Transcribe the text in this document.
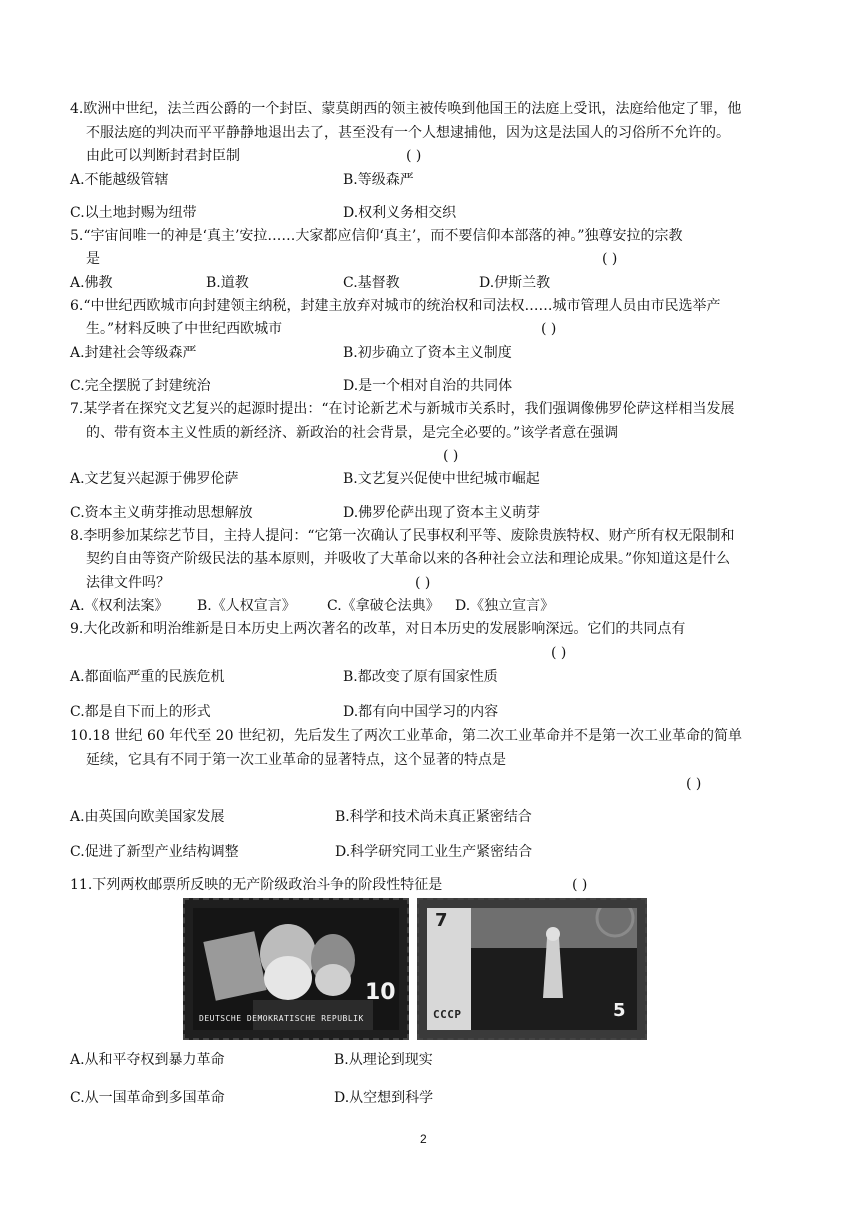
4.欧洲中世纪，法兰西公爵的一个封臣、蒙莫朗西的领主被传唤到他国王的法庭上受讯，法庭给他定了罪，他
不服法庭的判决而平平静静地退出去了，甚至没有一个人想逮捕他，因为这是法国人的习俗所不允许的。
由此可以判断封君封臣制	( )
A.不能越级管辖	B.等级森严
C.以土地封赐为纽带	D.权利义务相交织
5.“宇宙间唯一的神是‘真主’安拉……大家都应信仰‘真主’，而不要信仰本部落的神。”独尊安拉的宗教
是	( )
A.佛教	B.道教	C.基督教	D.伊斯兰教
6.“中世纪西欧城市向封建领主纳税，封建主放弃对城市的统治权和司法权……城市管理人员由市民选举产
生。”材料反映了中世纪西欧城市	( )
A.封建社会等级森严	B.初步确立了资本主义制度
C.完全摆脱了封建统治	D.是一个相对自治的共同体
7.某学者在探究文艺复兴的起源时提出：“在讨论新艺术与新城市关系时，我们强调像佛罗伦萨这样相当发展
的、带有资本主义性质的新经济、新政治的社会背景，是完全必要的。”该学者意在强调
( )
A.文艺复兴起源于佛罗伦萨	B.文艺复兴促使中世纪城市崛起
C.资本主义萌芽推动思想解放	D.佛罗伦萨出现了资本主义萌芽
8.李明参加某综艺节目，主持人提问：“它第一次确认了民事权利平等、废除贵族特权、财产所有权无限制和
契约自由等资产阶级民法的基本原则，并吸收了大革命以来的各种社会立法和理论成果。”你知道这是什么
法律文件吗？	( )
A.《权利法案》 B.《人权宣言》 C.《拿破仑法典》 D.《独立宣言》
9.大化改新和明治维新是日本历史上两次著名的改革，对日本历史的发展影响深远。它们的共同点有
( )
A.都面临严重的民族危机	B.都改变了原有国家性质
C.都是自下而上的形式	D.都有向中国学习的内容
10.18 世纪 60 年代至 20 世纪初，先后发生了两次工业革命，第二次工业革命并不是第一次工业革命的简单
延续，它具有不同于第一次工业革命的显著特点，这个显著的特点是
( )
A.由英国向欧美国家发展	B.科学和技术尚未真正紧密结合
C.促进了新型产业结构调整	D.科学研究同工业生产紧密结合
11.下列两枚邮票所反映的无产阶级政治斗争的阶段性特征是	( )
10
DEUTSCHE DEMOKRATISCHE REPUBLIK
7
CCCP	5
A.从和平夺权到暴力革命	B.从理论到现实
C.从一国革命到多国革命	D.从空想到科学
2
